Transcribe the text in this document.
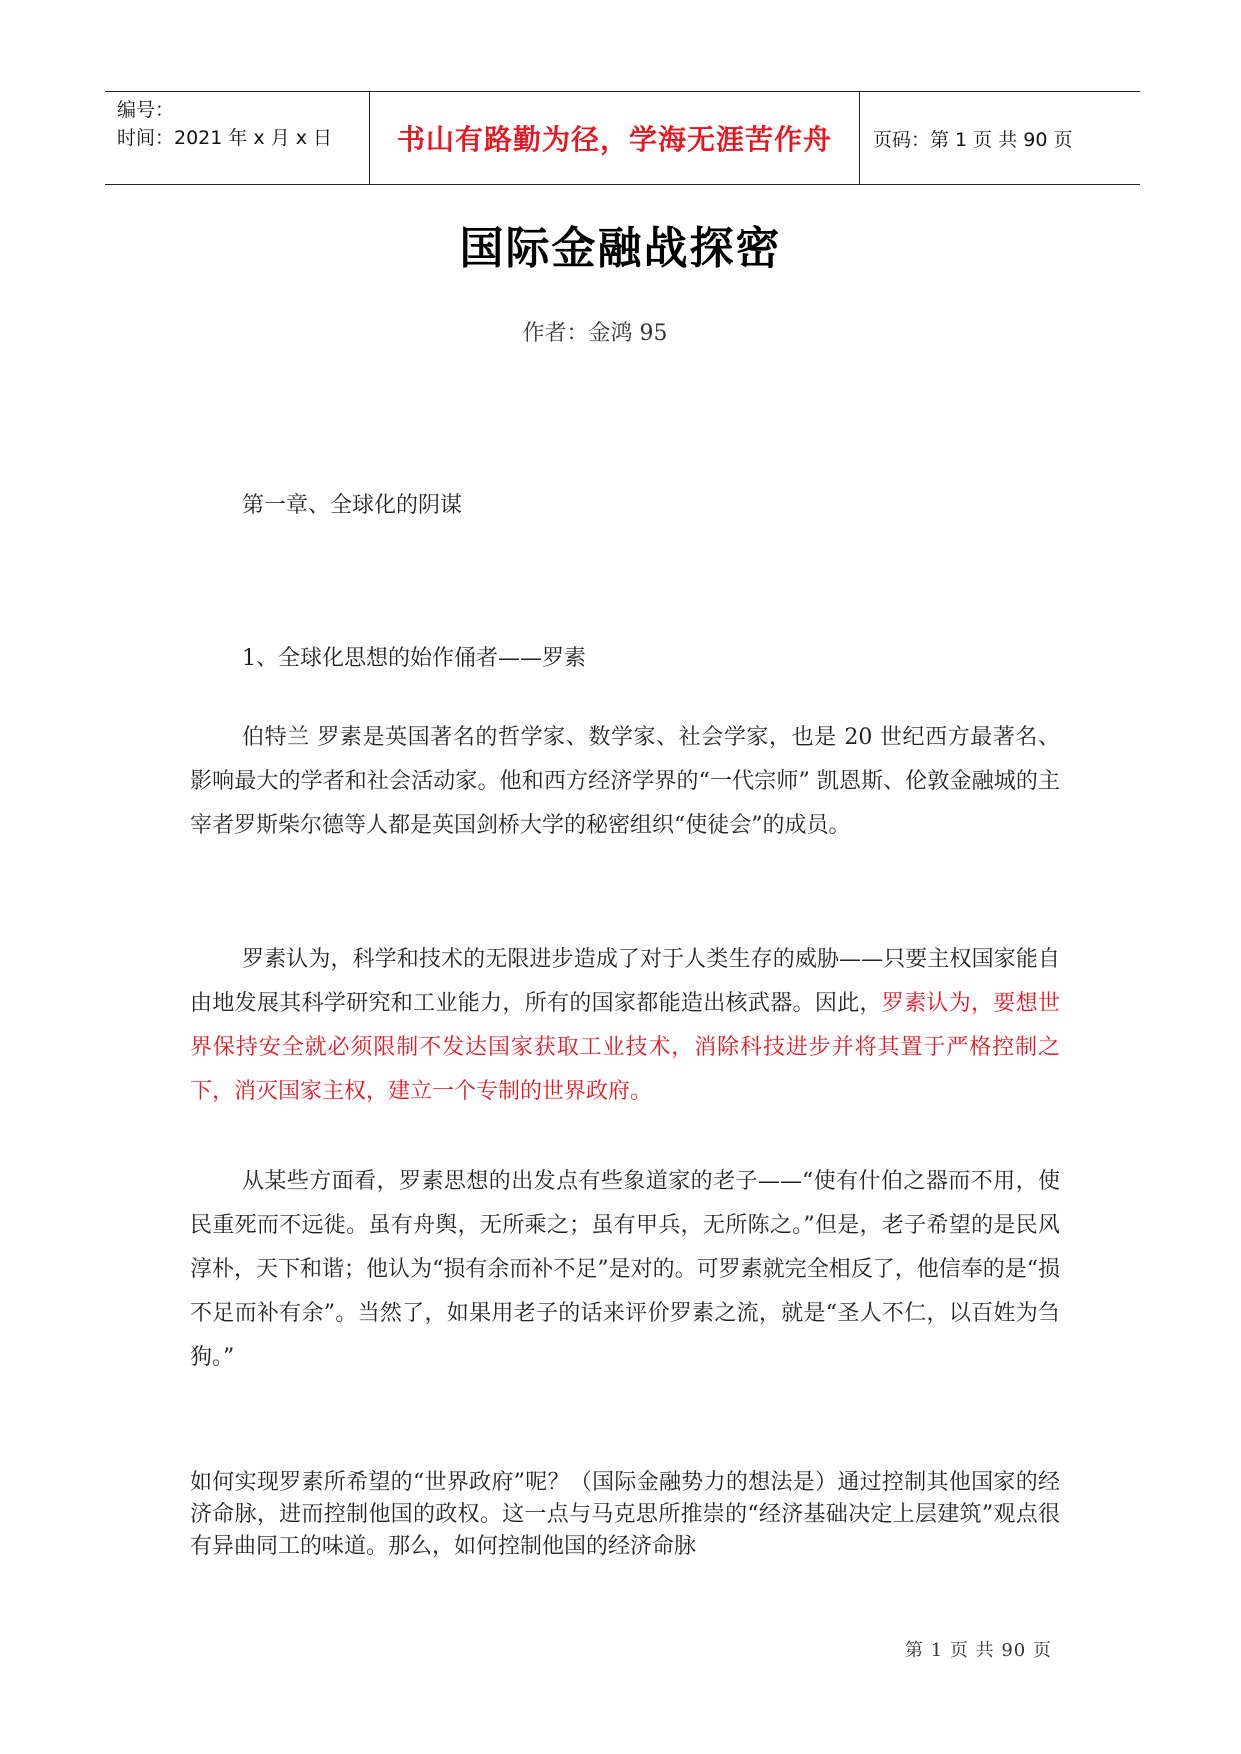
编号：
时间：2021 年 x 月 x 日	书山有路勤为径，学海无涯苦作舟	页码：第 1 页 共 90 页
国际金融战探密
作者：金鸿 95
第一章、全球化的阴谋
1、全球化思想的始作俑者——罗素
伯特兰 罗素是英国著名的哲学家、数学家、社会学家，也是 20 世纪西方最著名、影响最大的学者和社会活动家。他和西方经济学界的“一代宗师” 凯恩斯、伦敦金融城的主宰者罗斯柴尔德等人都是英国剑桥大学的秘密组织“使徒会”的成员。
罗素认为，科学和技术的无限进步造成了对于人类生存的威胁——只要主权国家能自由地发展其科学研究和工业能力，所有的国家都能造出核武器。因此，罗素认为，要想世界保持安全就必须限制不发达国家获取工业技术，消除科技进步并将其置于严格控制之下，消灭国家主权，建立一个专制的世界政府。
从某些方面看，罗素思想的出发点有些象道家的老子——“使有什伯之器而不用，使民重死而不远徙。虽有舟舆，无所乘之；虽有甲兵，无所陈之。”但是，老子希望的是民风淳朴，天下和谐；他认为“损有余而补不足”是对的。可罗素就完全相反了，他信奉的是“损不足而补有余”。当然了，如果用老子的话来评价罗素之流，就是“圣人不仁，以百姓为刍狗。”
如何实现罗素所希望的“世界政府”呢？（国际金融势力的想法是）通过控制其他国家的经济命脉，进而控制他国的政权。这一点与马克思所推崇的“经济基础决定上层建筑”观点很有异曲同工的味道。那么，如何控制他国的经济命脉
第 1 页 共 90 页
